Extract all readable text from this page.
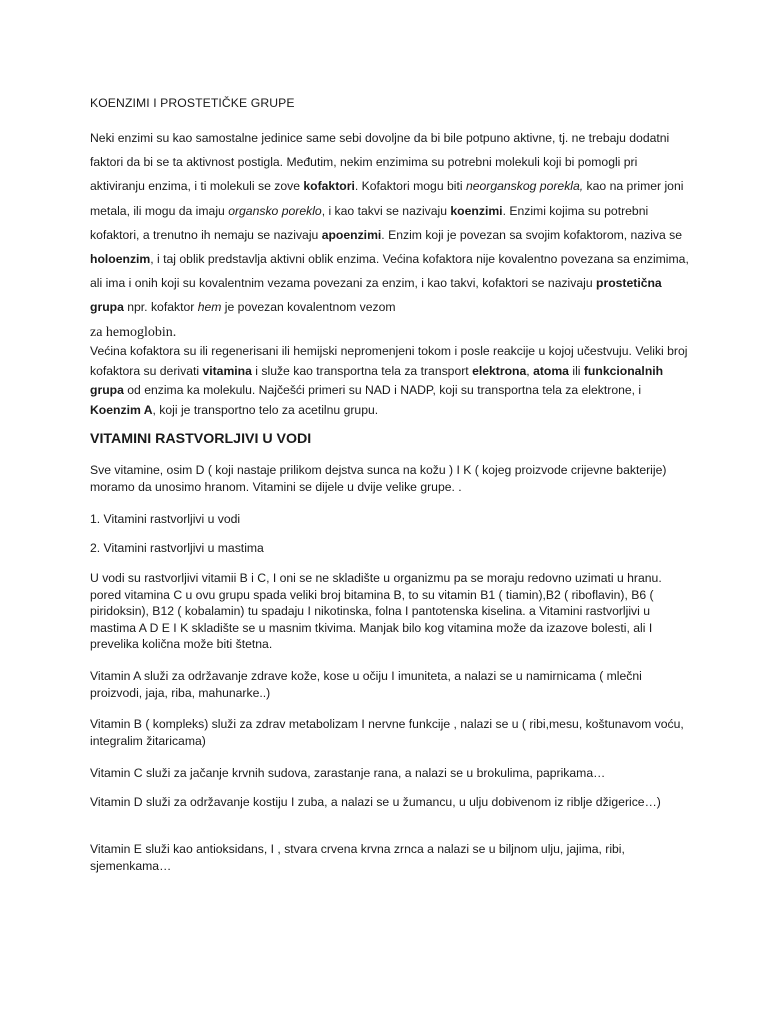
KOENZIMI I PROSTETIČKE GRUPE

Neki enzimi su kao samostalne jedinice same sebi dovoljne da bi bile potpuno aktivne, tj. ne trebaju dodatni faktori da bi se ta aktivnost postigla. Međutim, nekim enzimima su potrebni molekuli koji bi pomogli pri aktiviranju enzima, i ti molekuli se zove kofaktori. Kofaktori mogu biti neorganskog porekla, kao na primer joni metala, ili mogu da imaju organsko poreklo, i kao takvi se nazivaju koenzimi. Enzimi kojima su potrebni kofaktori, a trenutno ih nemaju se nazivaju apoenzimi. Enzim koji je povezan sa svojim kofaktorom, naziva se holoenzim, i taj oblik predstavlja aktivni oblik enzima. Većina kofaktora nije kovalentno povezana sa enzimima, ali ima i onih koji su kovalentnim vezama povezani za enzim, i kao takvi, kofaktori se nazivaju prostetična grupa npr. kofaktor hem je povezan kovalentnom vezom
za hemoglobin.

Većina kofaktora su ili regenerisani ili hemijski nepromenjeni tokom i posle reakcije u kojoj učestvuju. Veliki broj kofaktora su derivati vitamina i služe kao transportna tela za transport elektrona, atoma ili funkcionalnih grupa od enzima ka molekulu. Najčešći primeri su NAD i NADP, koji su transportna tela za elektrone, i Koenzim A, koji je transportno telo za acetilnu grupu.

VITAMINI RASTVORLJIVI U VODI

Sve vitamine, osim D ( koji nastaje prilikom dejstva sunca na kožu ) I K ( kojeg proizvode crijevne bakterije) moramo da unosimo hranom. Vitamini se dijele u dvije velike grupe. .

1. Vitamini rastvorljivi u vodi

2. Vitamini rastvorljivi u mastima

U vodi su rastvorljivi vitamii B i C, I oni se ne skladište u organizmu pa se moraju redovno uzimati u hranu. pored vitamina C u ovu grupu spada veliki broj bitamina B, to su vitamin B1 ( tiamin),B2 ( riboflavin), B6 ( piridoksin), B12 ( kobalamin) tu spadaju I nikotinska, folna I pantotenska kiselina. a Vitamini rastvorljivi u mastima A D E I K skladište se u masnim tkivima. Manjak bilo kog vitamina može da izazove bolesti, ali I prevelika količna može biti štetna.

Vitamin A služi za održavanje zdrave kože, kose u očiju I imuniteta, a nalazi se u namirnicama ( mlečni proizvodi, jaja, riba, mahunarke..)

Vitamin B ( kompleks) služi za zdrav metabolizam I nervne funkcije , nalazi se u ( ribi,mesu, koštunavom voću, integralim žitaricama)

Vitamin C služi za jačanje krvnih sudova, zarastanje rana, a nalazi se u brokulima, paprikama…

Vitamin D služi za održavanje kostiju I zuba, a nalazi se u žumancu, u ulju dobivenom iz riblje džigerice…)

Vitamin E služi kao antioksidans, I , stvara crvena krvna zrnca a nalazi se u biljnom ulju, jajima, ribi, sjemenkama…
